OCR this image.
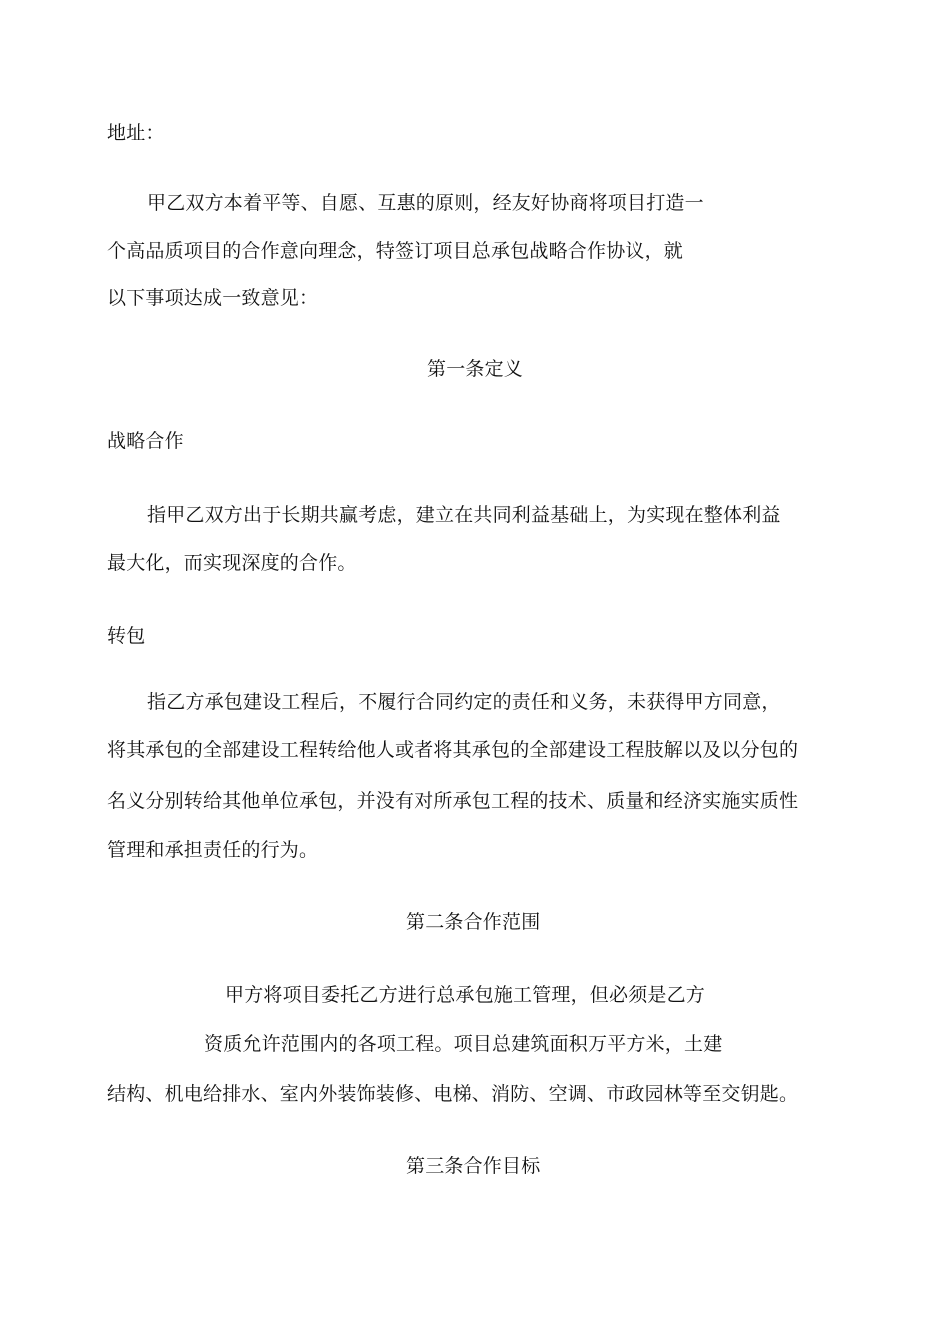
地址：
甲乙双方本着平等、自愿、互惠的原则，经友好协商将项目打造一
个高品质项目的合作意向理念，特签订项目总承包战略合作协议，就
以下事项达成一致意见：
第一条定义
战略合作
指甲乙双方出于长期共赢考虑，建立在共同利益基础上，为实现在整体利益
最大化，而实现深度的合作。
转包
指乙方承包建设工程后，不履行合同约定的责任和义务，未获得甲方同意，
将其承包的全部建设工程转给他人或者将其承包的全部建设工程肢解以及以分包的
名义分别转给其他单位承包，并没有对所承包工程的技术、质量和经济实施实质性
管理和承担责任的行为。
第二条合作范围
甲方将项目委托乙方进行总承包施工管理，但必须是乙方
资质允许范围内的各项工程。项目总建筑面积万平方米，土建
结构、机电给排水、室内外装饰装修、电梯、消防、空调、市政园林等至交钥匙。
第三条合作目标
